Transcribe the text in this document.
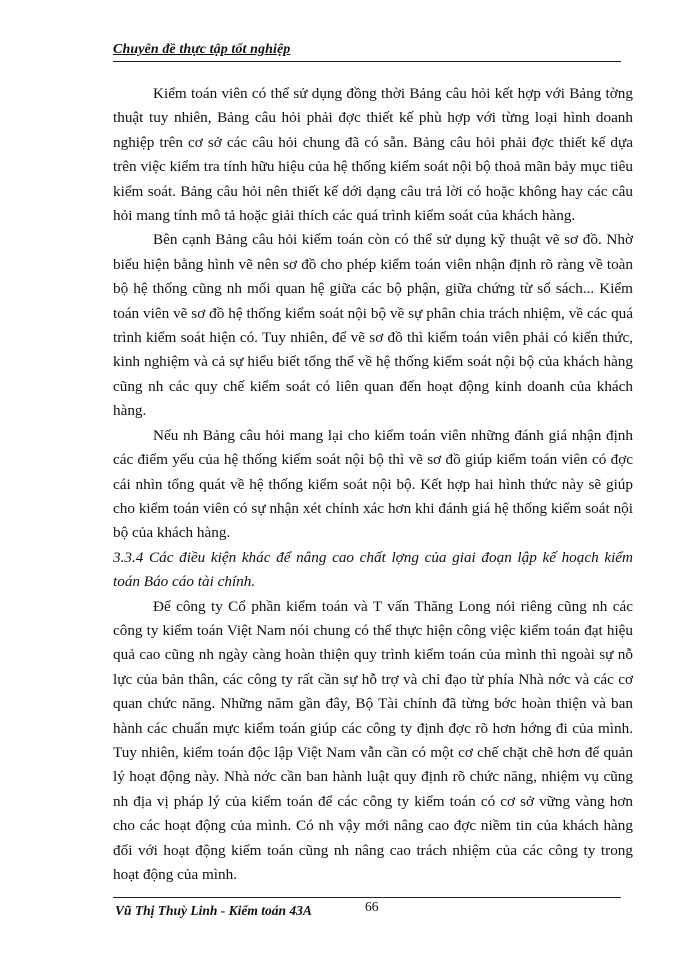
Chuyên đề thực tập tốt nghiệp

Kiểm toán viên có thể sử dụng đồng thời Bảng câu hỏi kết hợp với Bảng tờng thuật tuy nhiên, Bảng câu hỏi phải đợc thiết kế phù hợp với từng loại hình doanh nghiệp trên cơ sở các câu hỏi chung đã có sẵn. Bảng câu hỏi phải đợc thiết kế dựa trên việc kiểm tra tính hữu hiệu của hệ thống kiểm soát nội bộ thoả mãn bảy mục tiêu kiểm soát. Bảng câu hỏi nên thiết kế dới dạng câu trả lời có hoặc không hay các câu hỏi mang tính mô tả hoặc giải thích các quá trình kiểm soát của khách hàng.

Bên cạnh Bảng câu hỏi kiểm toán còn có thể sử dụng kỹ thuật vẽ sơ đồ. Nhờ biểu hiện bằng hình vẽ nên sơ đồ cho phép kiểm toán viên nhận định rõ ràng về toàn bộ hệ thống cũng nh mối quan hệ giữa các bộ phận, giữa chứng từ sổ sách... Kiểm toán viên vẽ sơ đồ hệ thống kiểm soát nội bộ về sự phân chia trách nhiệm, về các quá trình kiểm soát hiện có. Tuy nhiên, để vẽ sơ đồ thì kiểm toán viên phải có kiến thức, kinh nghiệm và cả sự hiểu biết tổng thể về hệ thống kiểm soát nội bộ của khách hàng cũng nh các quy chế kiểm soát có liên quan đến hoạt động kinh doanh của khách hàng.

Nếu nh Bảng câu hỏi mang lại cho kiểm toán viên những đánh giá nhận định các điểm yếu của hệ thống kiểm soát nội bộ thì vẽ sơ đồ giúp kiểm toán viên có đợc cái nhìn tổng quát về hệ thống kiểm soát nội bộ. Kết hợp hai hình thức này sẽ giúp cho kiểm toán viên có sự nhận xét chính xác hơn khi đánh giá hệ thống kiểm soát nội bộ của khách hàng.

3.3.4 Các điều kiện khác để nâng cao chất lợng của giai đoạn lập kế hoạch kiểm toán Báo cáo tài chính.

Để công ty Cổ phần kiểm toán và T vấn Thăng Long nói riêng cũng nh các công ty kiểm toán Việt Nam nói chung có thể thực hiện công việc kiểm toán đạt hiệu quả cao cũng nh ngày càng hoàn thiện quy trình kiểm toán của mình thì ngoài sự nỗ lực của bản thân, các công ty rất cần sự hỗ trợ và chỉ đạo từ phía Nhà nớc và các cơ quan chức năng. Những năm gần đây, Bộ Tài chính đã từng bớc hoàn thiện và ban hành các chuẩn mực kiểm toán giúp các công ty định đợc rõ hơn hớng đi của mình. Tuy nhiên, kiểm toán độc lập Việt Nam vẫn cần có một cơ chế chặt chẽ hơn để quản lý hoạt động này. Nhà nớc cần ban hành luật quy định rõ chức năng, nhiệm vụ cũng nh địa vị pháp lý của kiểm toán để các công ty kiểm toán có cơ sở vững vàng hơn cho các hoạt động của mình. Có nh vậy mới nâng cao đợc niềm tin của khách hàng đối với hoạt động kiểm toán cũng nh nâng cao trách nhiệm của các công ty trong hoạt động của mình.

Vũ Thị Thuỳ Linh - Kiểm toán 43A	66
